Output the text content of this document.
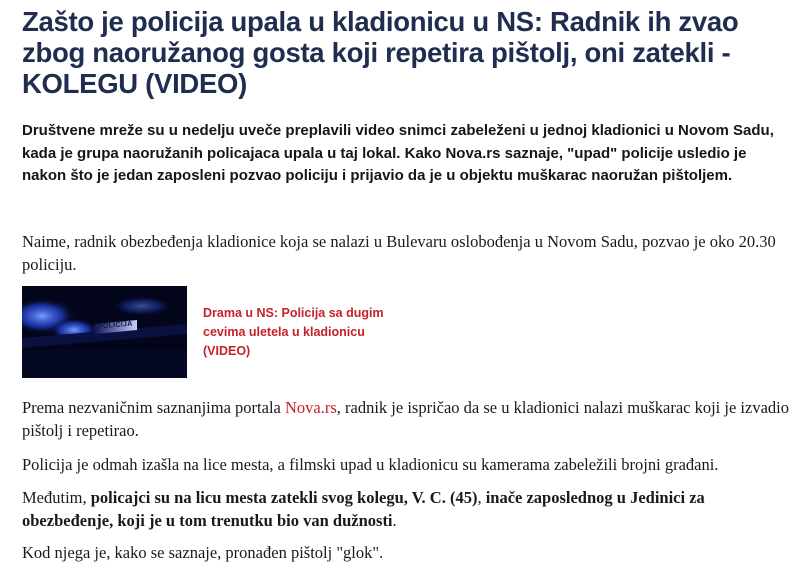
Zašto je policija upala u kladionicu u NS: Radnik ih zvao zbog naoružanog gosta koji repetira pištolj, oni zatekli - KOLEGU (VIDEO)

Društvene mreže su u nedelju uveče preplavili video snimci zabeleženi u jednoj kladionici u Novom Sadu, kada je grupa naoružanih policajaca upala u taj lokal. Kako Nova.rs saznaje, "upad" policije usledio je nakon što je jedan zaposleni pozvao policiju i prijavio da je u objektu muškarac naoružan pištoljem.

Naime, radnik obezbeđenja kladionice koja se nalazi u Bulevaru oslobođenja u Novom Sadu, pozvao je oko 20.30 policiju.

POLICIJA

Drama u NS: Policija sa dugim cevima uletela u kladionicu (VIDEO)

Prema nezvaničnim saznanjima portala Nova.rs, radnik je ispričao da se u kladionici nalazi muškarac koji je izvadio pištolj i repetirao.

Policija je odmah izašla na lice mesta, a filmski upad u kladionicu su kamerama zabeležili brojni građani.

Međutim, policajci su na licu mesta zatekli svog kolegu, V. C. (45), inače zaposlednog u Jedinici za obezbeđenje, koji je u tom trenutku bio van dužnosti.

Kod njega je, kako se saznaje, pronađen pištolj "glok".
